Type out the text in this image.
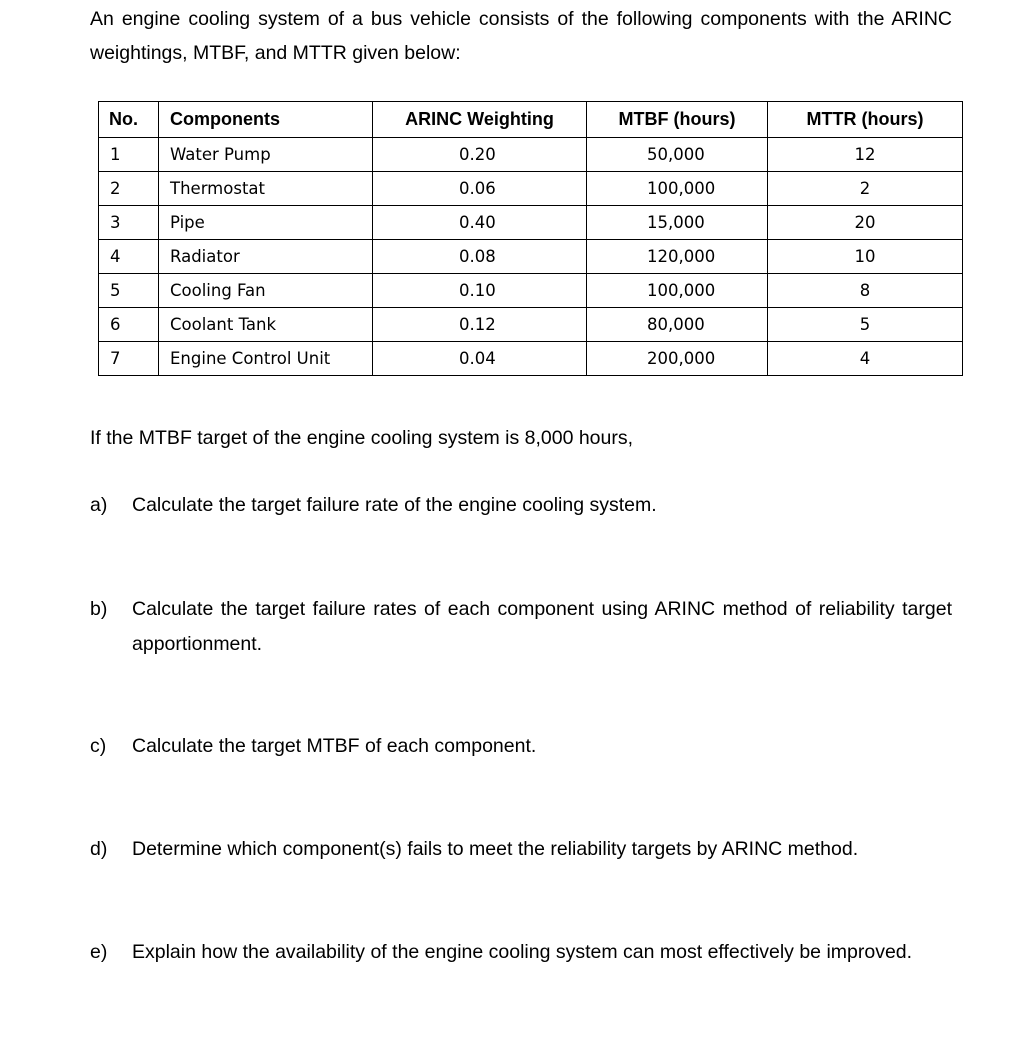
An engine cooling system of a bus vehicle consists of the following components with the ARINC weightings, MTBF, and MTTR given below:

No.	Components	ARINC Weighting	MTBF (hours)	MTTR (hours)
1	Water Pump	0.20	50,000	12
2	Thermostat	0.06	100,000	2
3	Pipe	0.40	15,000	20
4	Radiator	0.08	120,000	10
5	Cooling Fan	0.10	100,000	8
6	Coolant Tank	0.12	80,000	5
7	Engine Control Unit	0.04	200,000	4

If the MTBF target of the engine cooling system is 8,000 hours,

a)	Calculate the target failure rate of the engine cooling system.
b)	Calculate the target failure rates of each component using ARINC method of reliability target apportionment.
c)	Calculate the target MTBF of each component.
d)	Determine which component(s) fails to meet the reliability targets by ARINC method.
e)	Explain how the availability of the engine cooling system can most effectively be improved.
